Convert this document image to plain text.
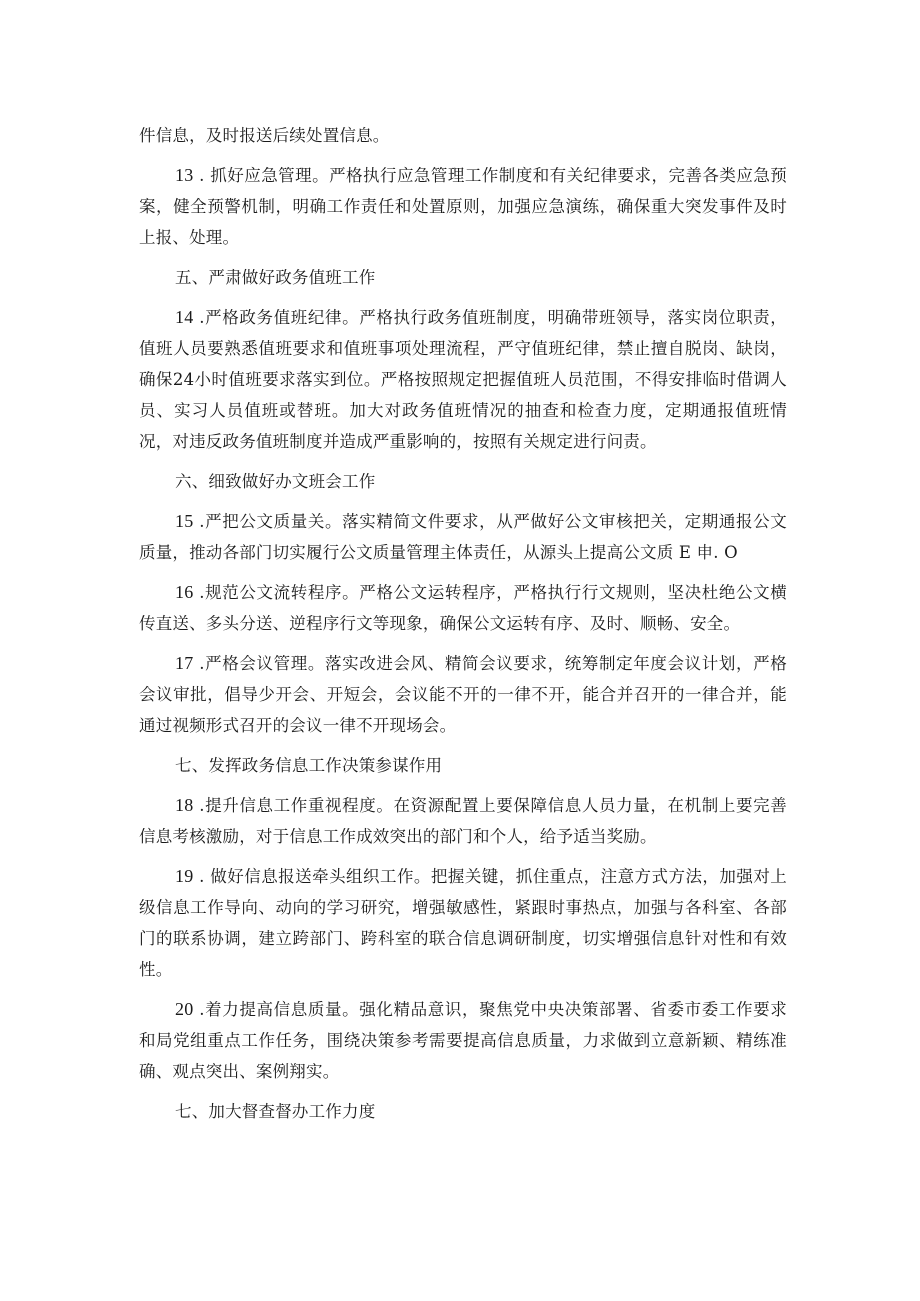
件信息，及时报送后续处置信息。

13 . 抓好应急管理。严格执行应急管理工作制度和有关纪律要求，完善各类应急预案，健全预警机制，明确工作责任和处置原则，加强应急演练，确保重大突发事件及时上报、处理。

五、严肃做好政务值班工作

14 .严格政务值班纪律。严格执行政务值班制度，明确带班领导，落实岗位职责，值班人员要熟悉值班要求和值班事项处理流程，严守值班纪律，禁止擅自脱岗、缺岗，确保24小时值班要求落实到位。严格按照规定把握值班人员范围，不得安排临时借调人员、实习人员值班或替班。加大对政务值班情况的抽查和检查力度，定期通报值班情况，对违反政务值班制度并造成严重影响的，按照有关规定进行问责。

六、细致做好办文班会工作

15 .严把公文质量关。落实精简文件要求，从严做好公文审核把关，定期通报公文质量，推动各部门切实履行公文质量管理主体责任，从源头上提高公文质 E 申. O

16 .规范公文流转程序。严格公文运转程序，严格执行行文规则，坚决杜绝公文横传直送、多头分送、逆程序行文等现象，确保公文运转有序、及时、顺畅、安全。

17 .严格会议管理。落实改进会风、精简会议要求，统筹制定年度会议计划，严格会议审批，倡导少开会、开短会，会议能不开的一律不开，能合并召开的一律合并，能通过视频形式召开的会议一律不开现场会。

七、发挥政务信息工作决策参谋作用

18 .提升信息工作重视程度。在资源配置上要保障信息人员力量，在机制上要完善信息考核激励，对于信息工作成效突出的部门和个人，给予适当奖励。

19 . 做好信息报送牵头组织工作。把握关键，抓住重点，注意方式方法，加强对上级信息工作导向、动向的学习研究，增强敏感性，紧跟时事热点，加强与各科室、各部门的联系协调，建立跨部门、跨科室的联合信息调研制度，切实增强信息针对性和有效性。

20 .着力提高信息质量。强化精品意识，聚焦党中央决策部署、省委市委工作要求和局党组重点工作任务，围绕决策参考需要提高信息质量，力求做到立意新颖、精练准确、观点突出、案例翔实。

七、加大督查督办工作力度
